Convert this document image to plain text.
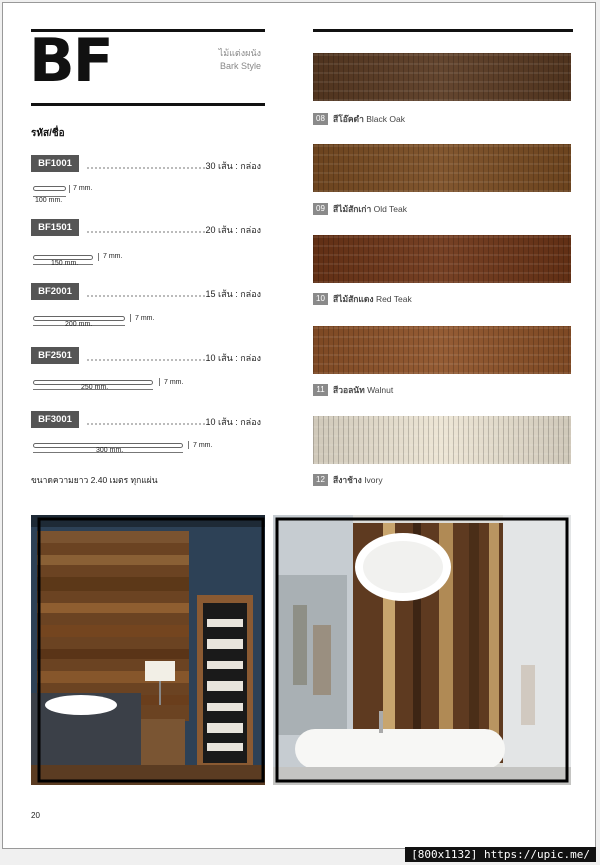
BF	ไม้แต่งผนัง
Bark Style
รหัส/ชื่อ
BF1001	30 เส้น : กล่อง
7 mm.
100 mm.
BF1501	20 เส้น : กล่อง
7 mm.
150 mm.
BF2001	15 เส้น : กล่อง
7 mm.
200 mm.
BF2501	10 เส้น : กล่อง
7 mm.
250 mm.
BF3001	10 เส้น : กล่อง
7 mm.
300 mm.
ขนาดความยาว 2.40 เมตร ทุกแผ่น
08 สีโอ๊คดำ Black Oak
09 สีไม้สักเก่า Old Teak
10 สีไม้สักแดง Red Teak
11 สีวอลนัท Walnut
12 สีงาช้าง Ivory
20
[800x1132] https://upic.me/
